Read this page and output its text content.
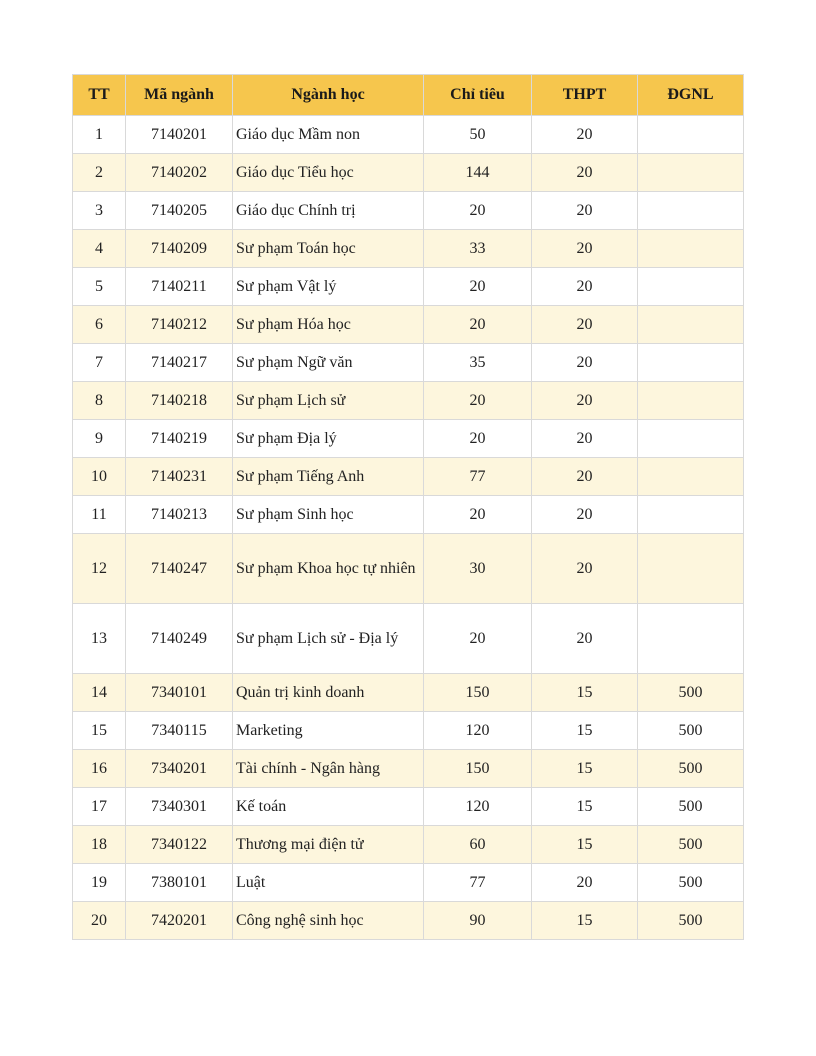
TT	Mã ngành	Ngành học	Chỉ tiêu	THPT	ĐGNL
1	7140201	Giáo dục Mầm non	50	20	
2	7140202	Giáo dục Tiểu học	144	20	
3	7140205	Giáo dục Chính trị	20	20	
4	7140209	Sư phạm Toán học	33	20	
5	7140211	Sư phạm Vật lý	20	20	
6	7140212	Sư phạm Hóa học	20	20	
7	7140217	Sư phạm Ngữ văn	35	20	
8	7140218	Sư phạm Lịch sử	20	20	
9	7140219	Sư phạm Địa lý	20	20	
10	7140231	Sư phạm Tiếng Anh	77	20	
11	7140213	Sư phạm Sinh học	20	20	
12	7140247	Sư phạm Khoa học tự nhiên	30	20	
13	7140249	Sư phạm Lịch sử - Địa lý	20	20	
14	7340101	Quản trị kinh doanh	150	15	500
15	7340115	Marketing	120	15	500
16	7340201	Tài chính - Ngân hàng	150	15	500
17	7340301	Kế toán	120	15	500
18	7340122	Thương mại điện tử	60	15	500
19	7380101	Luật	77	20	500
20	7420201	Công nghệ sinh học	90	15	500
